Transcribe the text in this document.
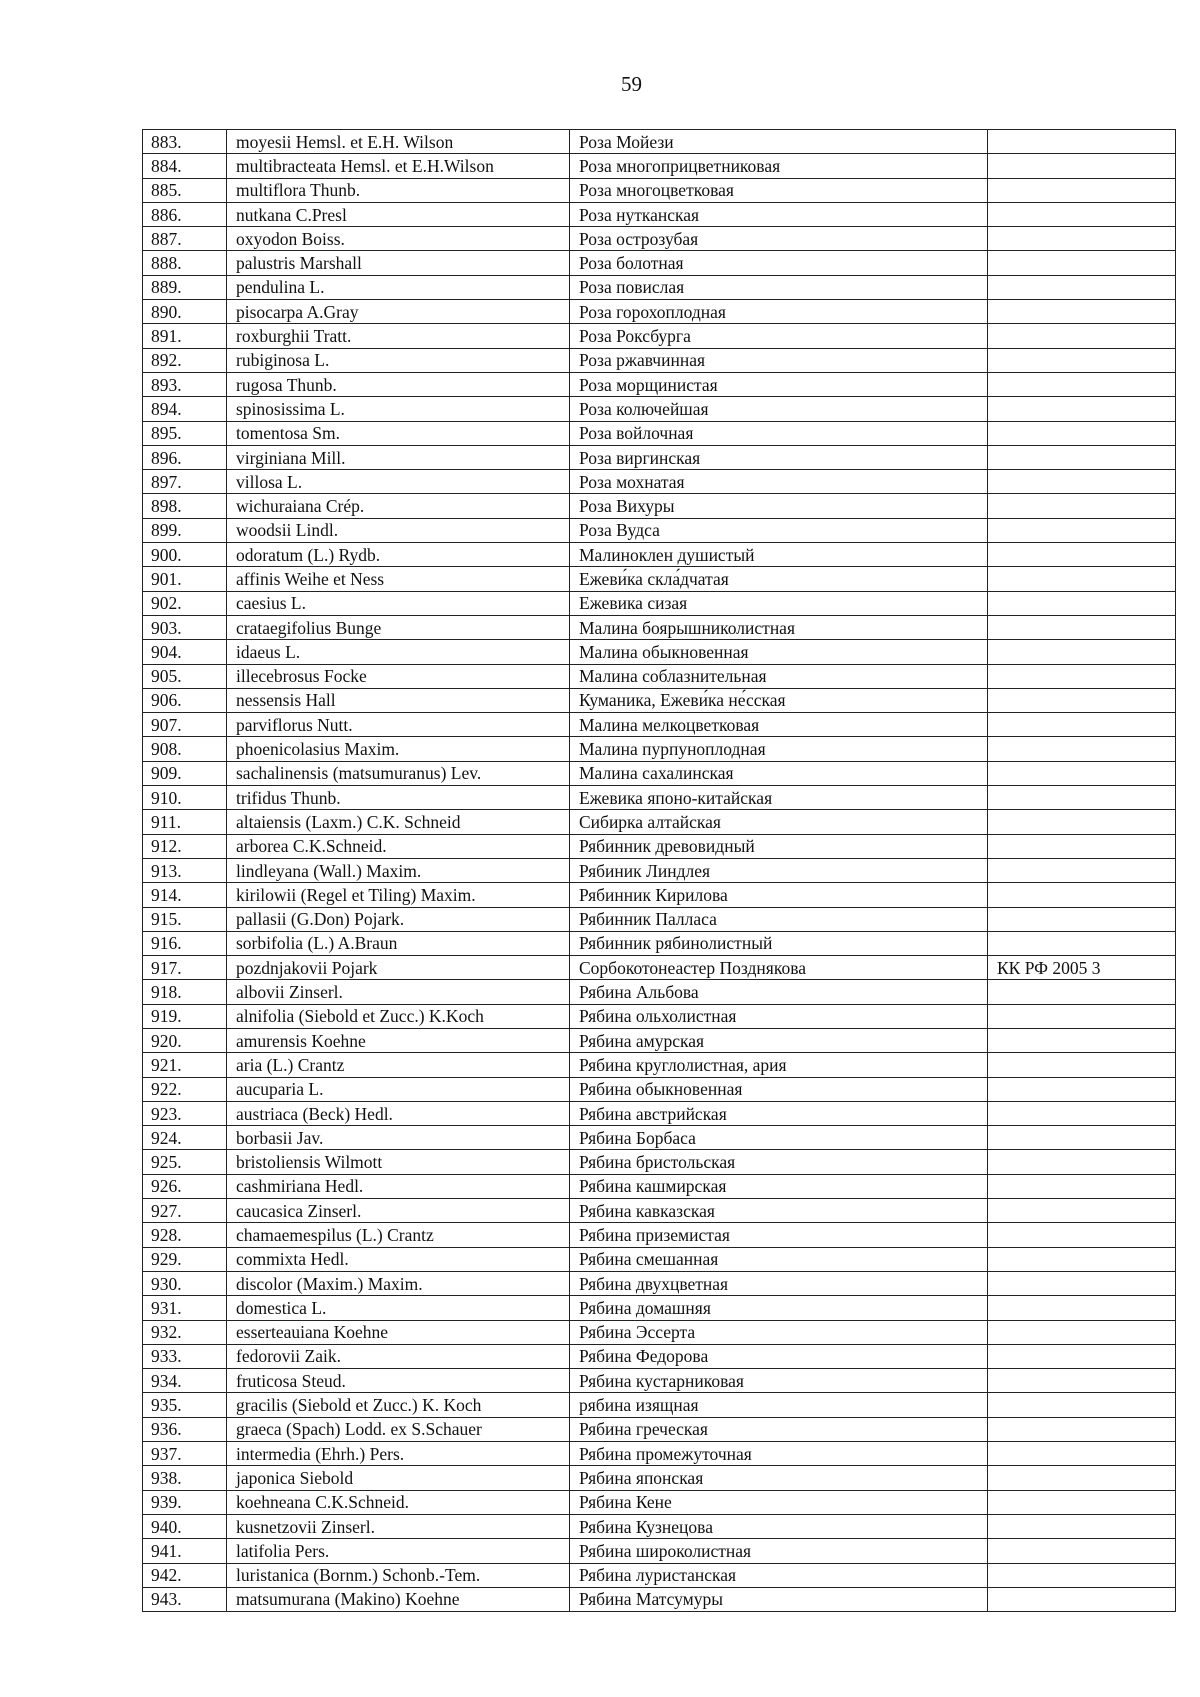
59
883.	moyesii Hemsl. et E.H. Wilson	Роза Мойези	
884.	multibracteata Hemsl. et E.H.Wilson	Роза многоприцветниковая	
885.	multiflora Thunb.	Роза многоцветковая	
886.	nutkana C.Presl	Роза нутканская	
887.	oxyodon Boiss.	Роза острозубая	
888.	palustris Marshall	Роза болотная	
889.	pendulina L.	Роза повислая	
890.	pisocarpa A.Gray	Роза горохоплодная	
891.	roxburghii Tratt.	Роза Роксбурга	
892.	rubiginosa L.	Роза ржавчинная	
893.	rugosa Thunb.	Роза морщинистая	
894.	spinosissima L.	Роза колючейшая	
895.	tomentosa Sm.	Роза войлочная	
896.	virginiana Mill.	Роза виргинская	
897.	villosa L.	Роза мохнатая	
898.	wichuraiana Crép.	Роза Вихуры	
899.	woodsii Lindl.	Роза Вудса	
900.	odoratum (L.) Rydb.	Малиноклен душистый	
901.	affinis Weihe et Ness	Ежеви́ка скла́дчатая	
902.	caesius L.	Ежевика сизая	
903.	crataegifolius Bunge	Малина боярышниколистная	
904.	idaeus L.	Малина обыкновенная	
905.	illecebrosus Focke	Малина соблазнительная	
906.	nessensis Hall	Куманика, Ежеви́ка не́сская	
907.	parviflorus Nutt.	Малина мелкоцветковая	
908.	phoenicolasius Maxim.	Малина пурпуноплодная	
909.	sachalinensis (matsumuranus) Lev.	Малина сахалинская	
910.	trifidus Thunb.	Ежевика японо-китайская	
911.	altaiensis (Laxm.) C.K. Schneid	Сибирка алтайская	
912.	arborea C.K.Schneid.	Рябинник древовидный	
913.	lindleyana (Wall.) Maxim.	Рябиник Линдлея	
914.	kirilowii (Regel et Tiling) Maxim.	Рябинник Кирилова	
915.	pallasii (G.Don) Pojark.	Рябинник Палласа	
916.	sorbifolia (L.) A.Braun	Рябинник рябинолистный	
917.	pozdnjakovii Pojark	Сорбокотонеастер Позднякова	КК РФ 2005 3
918.	albovii Zinserl.	Рябина Альбова	
919.	alnifolia (Siebold et Zucc.) K.Koch	Рябина ольхолистная	
920.	amurensis Koehne	Рябина амурская	
921.	aria (L.) Crantz	Рябина круглолистная, ария	
922.	aucuparia L.	Рябина обыкновенная	
923.	austriaca (Beck) Hedl.	Рябина австрийская	
924.	borbasii Jav.	Рябина Борбаса	
925.	bristoliensis Wilmott	Рябина бристольская	
926.	cashmiriana Hedl.	Рябина кашмирская	
927.	caucasica Zinserl.	Рябина кавказская	
928.	chamaemespilus (L.) Crantz	Рябина приземистая	
929.	commixta Hedl.	Рябина смешанная	
930.	discolor (Maxim.) Maxim.	Рябина двухцветная	
931.	domestica L.	Рябина домашняя	
932.	esserteauiana Koehne	Рябина Эссерта	
933.	fedorovii Zaik.	Рябина Федорова	
934.	fruticosa Steud.	Рябина кустарниковая	
935.	gracilis (Siebold et Zucc.) K. Koch	рябина изящная	
936.	graeca (Spach) Lodd. ex S.Schauer	Рябина греческая	
937.	intermedia (Ehrh.) Pers.	Рябина промежуточная	
938.	japonica Siebold	Рябина японская	
939.	koehneana C.K.Schneid.	Рябина Кене	
940.	kusnetzovii Zinserl.	Рябина Кузнецова	
941.	latifolia Pers.	Рябина широколистная	
942.	luristanica (Bornm.) Schonb.-Tem.	Рябина луристанская	
943.	matsumurana (Makino) Koehne	Рябина Матсумуры	
